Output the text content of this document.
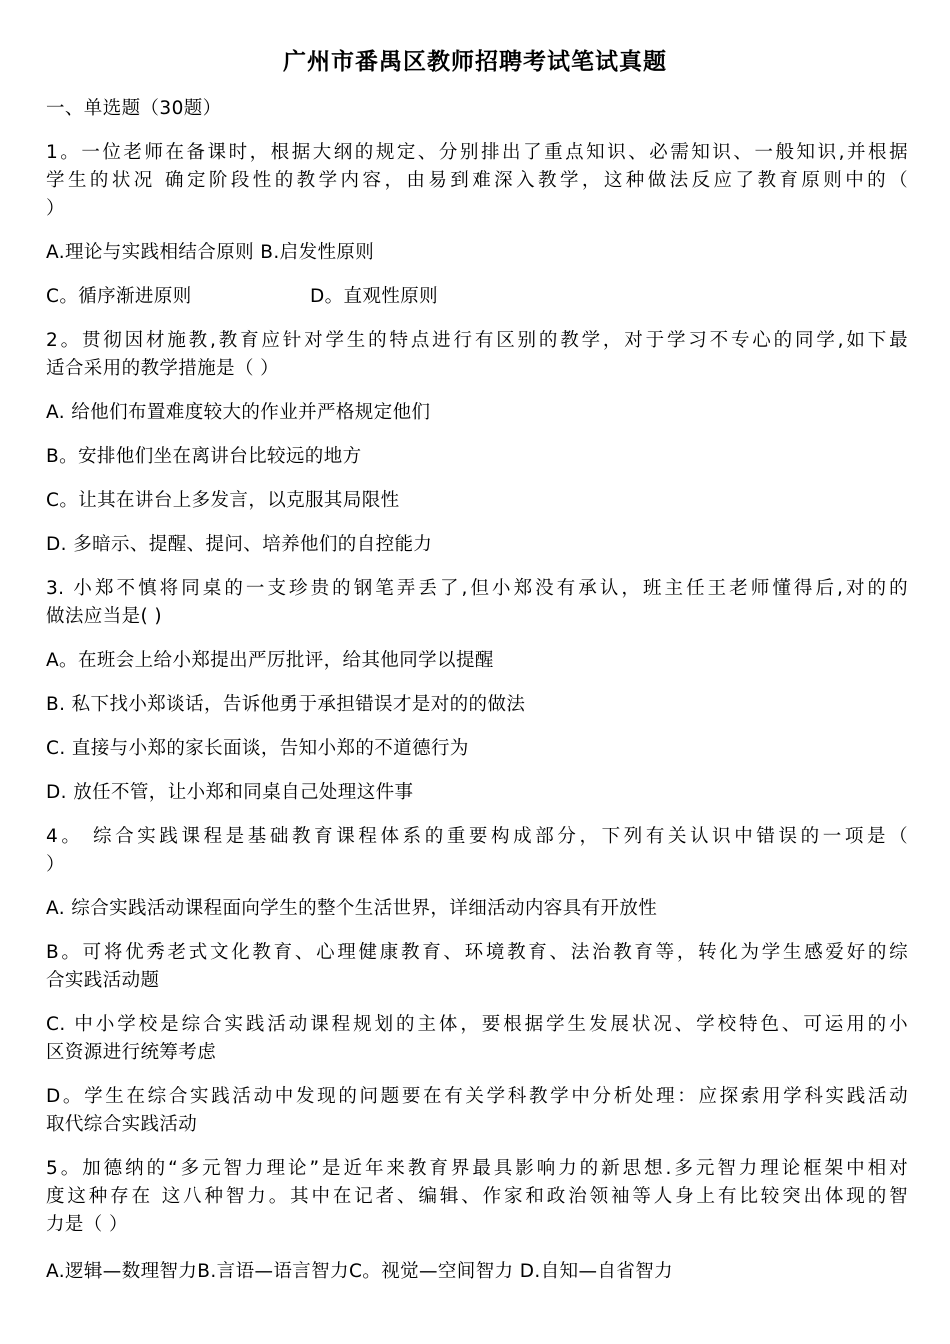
广州市番禺区教师招聘考试笔试真题
一、单选题（30题）
1。一位老师在备课时，根据大纲的规定、分别排出了重点知识、必需知识、一般知识,并根据
学生的状况 确定阶段性的教学内容，由易到难深入教学，这种做法反应了教育原则中的（
）
A.理论与实践相结合原则 B.启发性原则
C。循序渐进原则	D。直观性原则
2。贯彻因材施教,教育应针对学生的特点进行有区别的教学，对于学习不专心的同学,如下最
适合采用的教学措施是（ ）
A. 给他们布置难度较大的作业并严格规定他们
B。安排他们坐在离讲台比较远的地方
C。让其在讲台上多发言，以克服其局限性
D. 多暗示、提醒、提问、培养他们的自控能力
3. 小郑不慎将同桌的一支珍贵的钢笔弄丢了,但小郑没有承认，班主任王老师懂得后,对的的
做法应当是( )
A。在班会上给小郑提出严厉批评，给其他同学以提醒
B. 私下找小郑谈话，告诉他勇于承担错误才是对的的做法
C. 直接与小郑的家长面谈，告知小郑的不道德行为
D. 放任不管，让小郑和同桌自己处理这件事
4。 综合实践课程是基础教育课程体系的重要构成部分，下列有关认识中错误的一项是（
）
A. 综合实践活动课程面向学生的整个生活世界，详细活动内容具有开放性
B。可将优秀老式文化教育、心理健康教育、环境教育、法治教育等，转化为学生感爱好的综
合实践活动题
C. 中小学校是综合实践活动课程规划的主体，要根据学生发展状况、学校特色、可运用的小
区资源进行统筹考虑
D。学生在综合实践活动中发现的问题要在有关学科教学中分析处理：应探索用学科实践活动
取代综合实践活动
5。加德纳的“多元智力理论”是近年来教育界最具影响力的新思想.多元智力理论框架中相对
度这种存在 这八种智力。其中在记者、编辑、作家和政治领袖等人身上有比较突出体现的智
力是（ ）
A.逻辑—数理智力B.言语—语言智力C。视觉—空间智力 D.自知—自省智力
